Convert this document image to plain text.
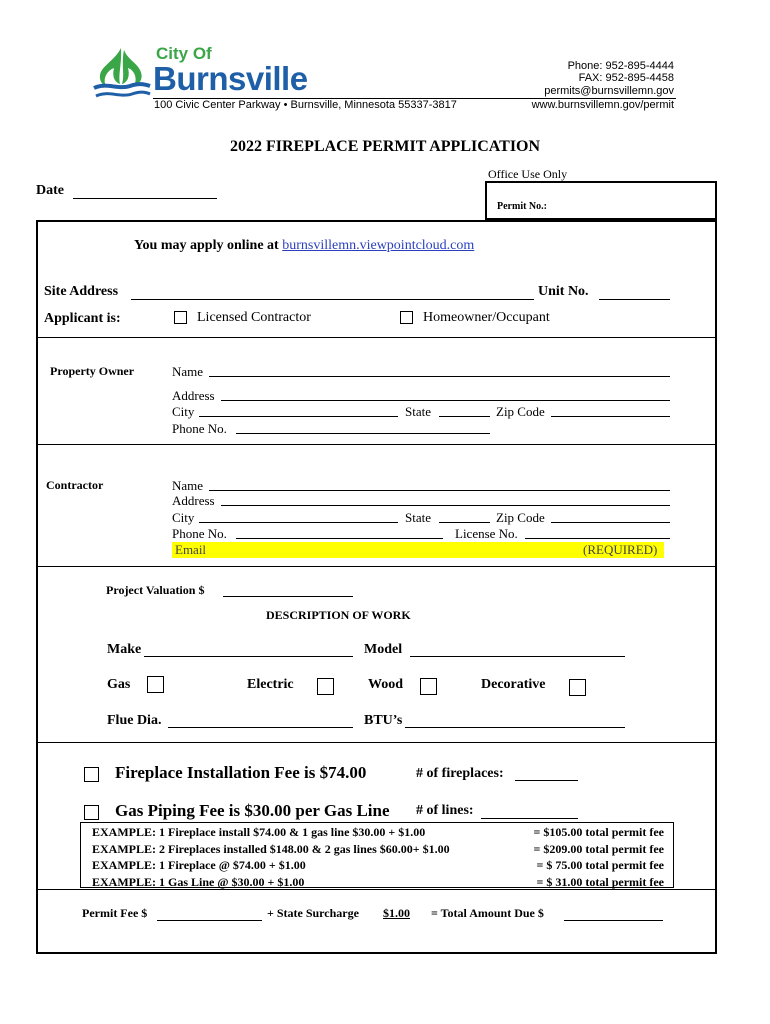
City Of
Burnsville
100 Civic Center Parkway • Burnsville, Minnesota 55337-3817
Phone: 952-895-4444
FAX: 952-895-4458
permits@burnsvillemn.gov
www.burnsvillemn.gov/permit
2022 FIREPLACE PERMIT APPLICATION
Office Use Only
Permit No.:
Date
You may apply online at burnsvillemn.viewpointcloud.com
Site Address	Unit No.
Applicant is:	Licensed Contractor	Homeowner/Occupant
Property Owner	Name
Address
City	State	Zip Code
Phone No.
Contractor	Name
Address
City	State	Zip Code
Phone No.	License No.
Email	(REQUIRED)
Project Valuation $
DESCRIPTION OF WORK
Make	Model
Gas	Electric	Wood	Decorative
Flue Dia.	BTU’s
Fireplace Installation Fee is $74.00	# of fireplaces:
Gas Piping Fee is $30.00 per Gas Line # of lines:
EXAMPLE: 1 Fireplace install $74.00 & 1 gas line $30.00 + $1.00	= $105.00 total permit fee
EXAMPLE: 2 Fireplaces installed $148.00 & 2 gas lines $60.00+ $1.00	= $209.00 total permit fee
EXAMPLE: 1 Fireplace @ $74.00 + $1.00	= $ 75.00 total permit fee
EXAMPLE: 1 Gas Line @ $30.00 + $1.00	= $ 31.00 total permit fee
Permit Fee $	+ State Surcharge $1.00 = Total Amount Due $
